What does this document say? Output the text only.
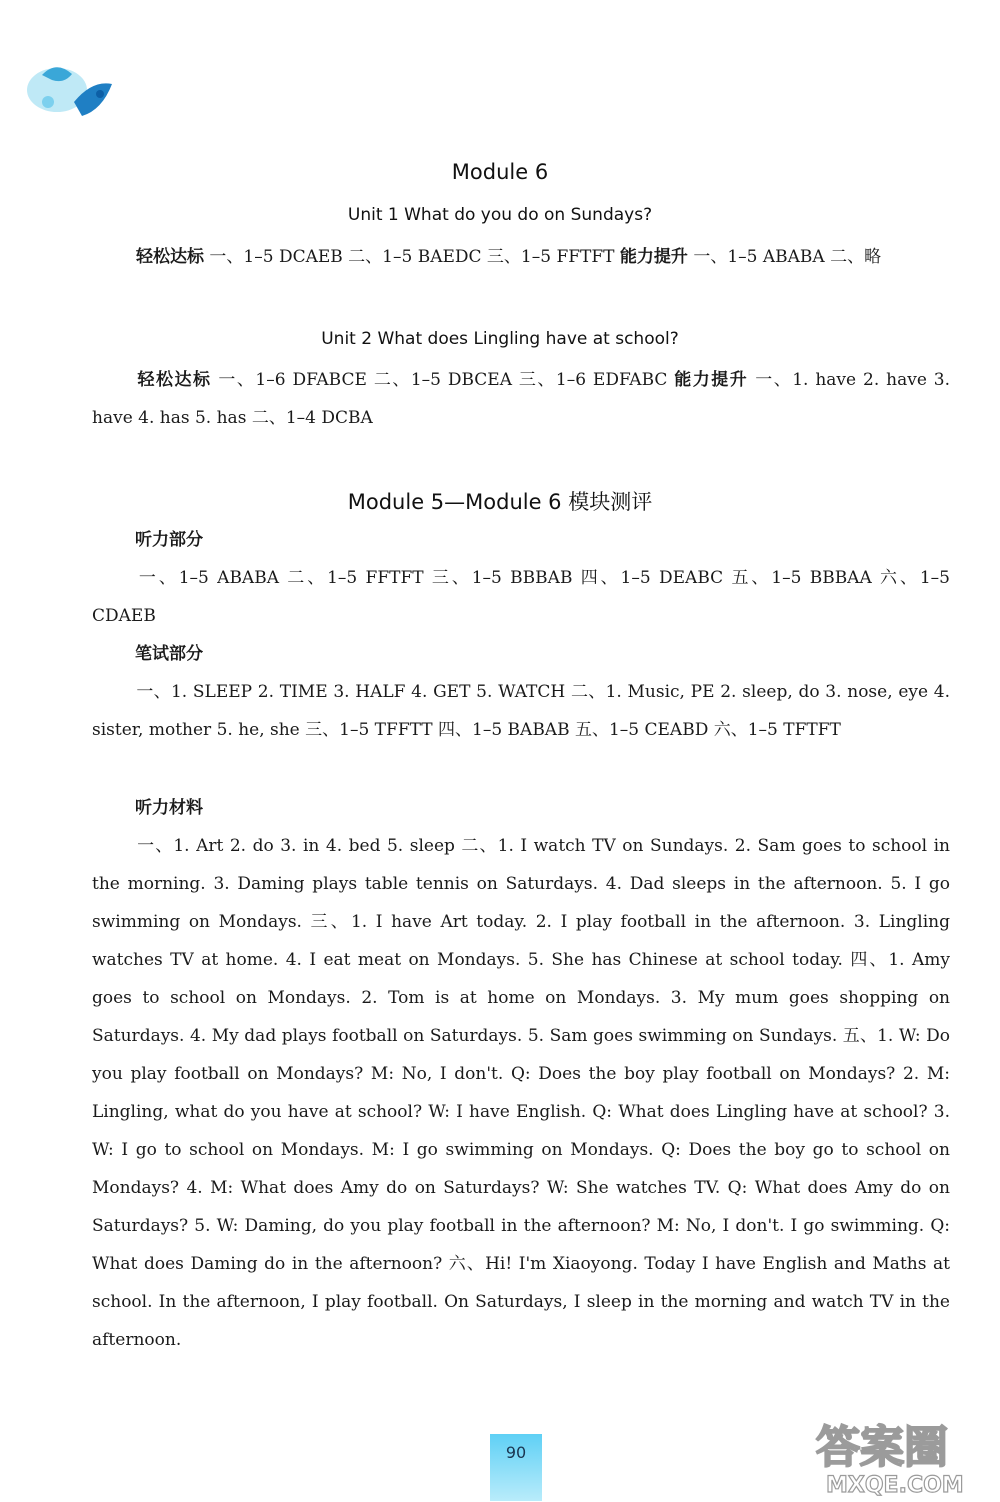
Module 6
Unit 1 What do you do on Sundays?

轻松达标 一、1–5 DCAEB 二、1–5 BAEDC 三、1–5 FFTFT 能力提升 一、1–5 ABABA 二、略

Unit 2 What does Lingling have at school?

轻松达标 一、1–6 DFABCE 二、1–5 DBCEA 三、1–6 EDFABC 能力提升 一、1. have 2. have 3. have 4. has 5. has 二、1–4 DCBA

Module 5—Module 6 模块测评
听力部分

一、1–5 ABABA 二、1–5 FFTFT 三、1–5 BBBAB 四、1–5 DEABC 五、1–5 BBBAA 六、1–5 CDAEB

笔试部分

一、1. SLEEP 2. TIME 3. HALF 4. GET 5. WATCH 二、1. Music, PE 2. sleep, do 3. nose, eye 4. sister, mother 5. he, she 三、1–5 TFFTT 四、1–5 BABAB 五、1–5 CEABD 六、1–5 TFTFT

听力材料

一、1. Art 2. do 3. in 4. bed 5. sleep 二、1. I watch TV on Sundays. 2. Sam goes to school in the morning. 3. Daming plays table tennis on Saturdays. 4. Dad sleeps in the afternoon. 5. I go swimming on Mondays. 三、1. I have Art today. 2. I play football in the afternoon. 3. Lingling watches TV at home. 4. I eat meat on Mondays. 5. She has Chinese at school today. 四、1. Amy goes to school on Mondays. 2. Tom is at home on Mondays. 3. My mum goes shopping on Saturdays. 4. My dad plays football on Saturdays. 5. Sam goes swimming on Sundays. 五、1. W: Do you play football on Mondays? M: No, I don't. Q: Does the boy play football on Mondays? 2. M: Lingling, what do you have at school? W: I have English. Q: What does Lingling have at school? 3. W: I go to school on Mondays. M: I go swimming on Mondays. Q: Does the boy go to school on Mondays? 4. M: What does Amy do on Saturdays? W: She watches TV. Q: What does Amy do on Saturdays? 5. W: Daming, do you play football in the afternoon? M: No, I don't. I go swimming. Q: What does Daming do in the afternoon? 六、Hi! I'm Xiaoyong. Today I have English and Maths at school. In the afternoon, I play football. On Saturdays, I sleep in the morning and watch TV in the afternoon.

90	答案圈
MXQE.COM
